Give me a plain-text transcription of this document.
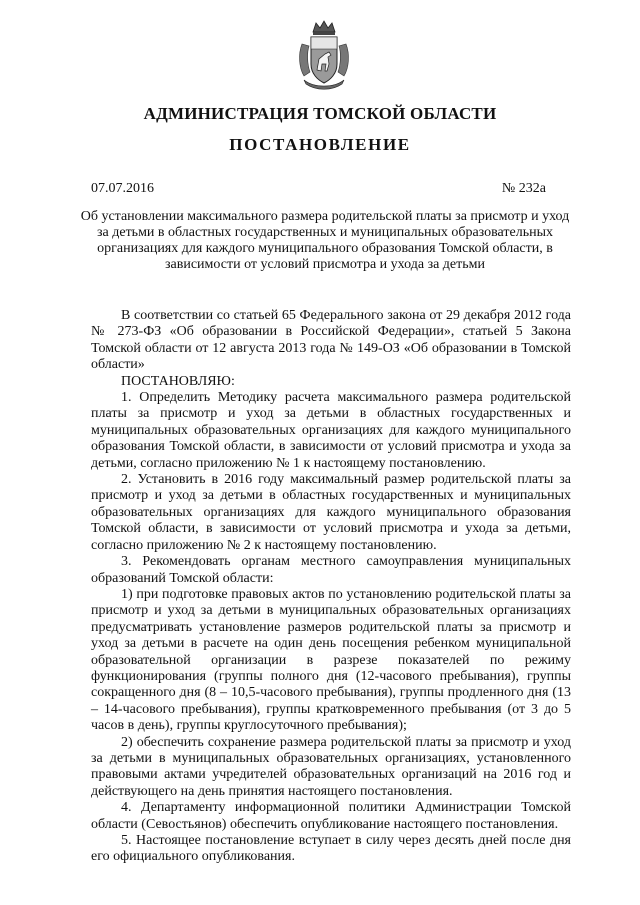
АДМИНИСТРАЦИЯ ТОМСКОЙ ОБЛАСТИ
ПОСТАНОВЛЕНИЕ
07.07.2016	№ 232а
Об установлении максимального размера родительской платы за присмотр и уход за детьми в областных государственных и муниципальных образовательных организациях для каждого муниципального образования Томской области, в зависимости от условий присмотра и ухода за детьми

В соответствии со статьей 65 Федерального закона от 29 декабря 2012 года № 273-ФЗ «Об образовании в Российской Федерации», статьей 5 Закона Томской области от 12 августа 2013 года № 149-ОЗ «Об образовании в Томской области»

ПОСТАНОВЛЯЮ:

1. Определить Методику расчета максимального размера родительской платы за присмотр и уход за детьми в областных государственных и муниципальных образовательных организациях для каждого муниципального образования Томской области, в зависимости от условий присмотра и ухода за детьми, согласно приложению № 1 к настоящему постановлению.

2. Установить в 2016 году максимальный размер родительской платы за присмотр и уход за детьми в областных государственных и муниципальных образовательных организациях для каждого муниципального образования Томской области, в зависимости от условий присмотра и ухода за детьми, согласно приложению № 2 к настоящему постановлению.

3. Рекомендовать органам местного самоуправления муниципальных образований Томской области:

1) при подготовке правовых актов по установлению родительской платы за присмотр и уход за детьми в муниципальных образовательных организациях предусматривать установление размеров родительской платы за присмотр и уход за детьми в расчете на один день посещения ребенком муниципальной образовательной организации в разрезе показателей по режиму функционирования (группы полного дня (12-часового пребывания), группы сокращенного дня (8 – 10,5-часового пребывания), группы продленного дня (13 – 14-часового пребывания), группы кратковременного пребывания (от 3 до 5 часов в день), группы круглосуточного пребывания);

2) обеспечить сохранение размера родительской платы за присмотр и уход за детьми в муниципальных образовательных организациях, установленного правовыми актами учредителей образовательных организаций на 2016 год и действующего на день принятия настоящего постановления.

4. Департаменту информационной политики Администрации Томской области (Севостьянов) обеспечить опубликование настоящего постановления.

5. Настоящее постановление вступает в силу через десять дней после дня его официального опубликования.
